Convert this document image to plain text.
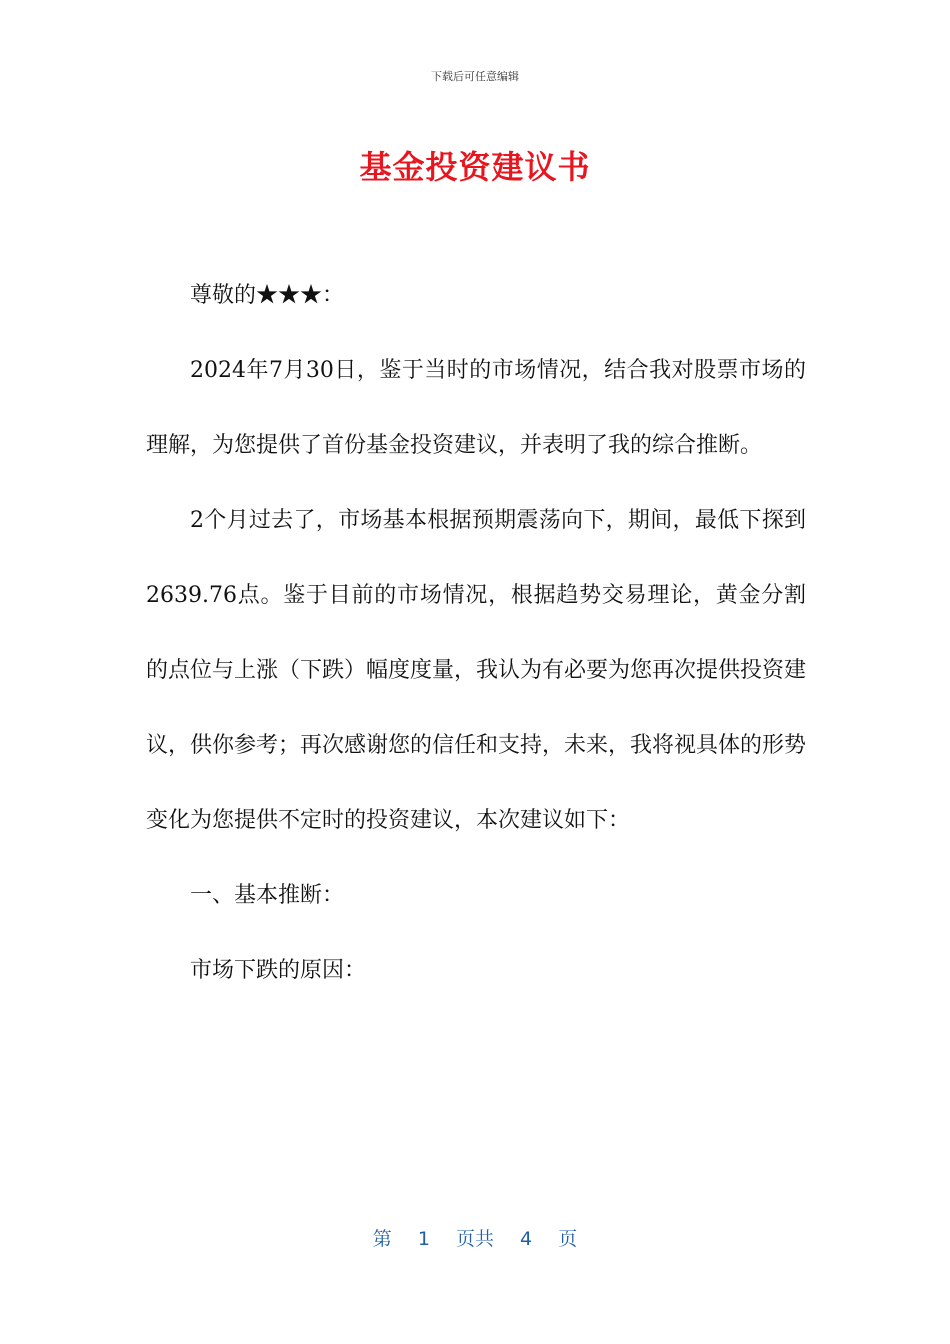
下载后可任意编辑
基金投资建议书

尊敬的★★★：

2024年7月30日，鉴于当时的市场情况，结合我对股票市场的理解，为您提供了首份基金投资建议，并表明了我的综合推断。

2个月过去了，市场基本根据预期震荡向下，期间，最低下探到2639.76点。鉴于目前的市场情况，根据趋势交易理论，黄金分割的点位与上涨（下跌）幅度度量，我认为有必要为您再次提供投资建议，供你参考；再次感谢您的信任和支持，未来，我将视具体的形势变化为您提供不定时的投资建议，本次建议如下：

一、基本推断：

市场下跌的原因：

第 1 页共 4 页
